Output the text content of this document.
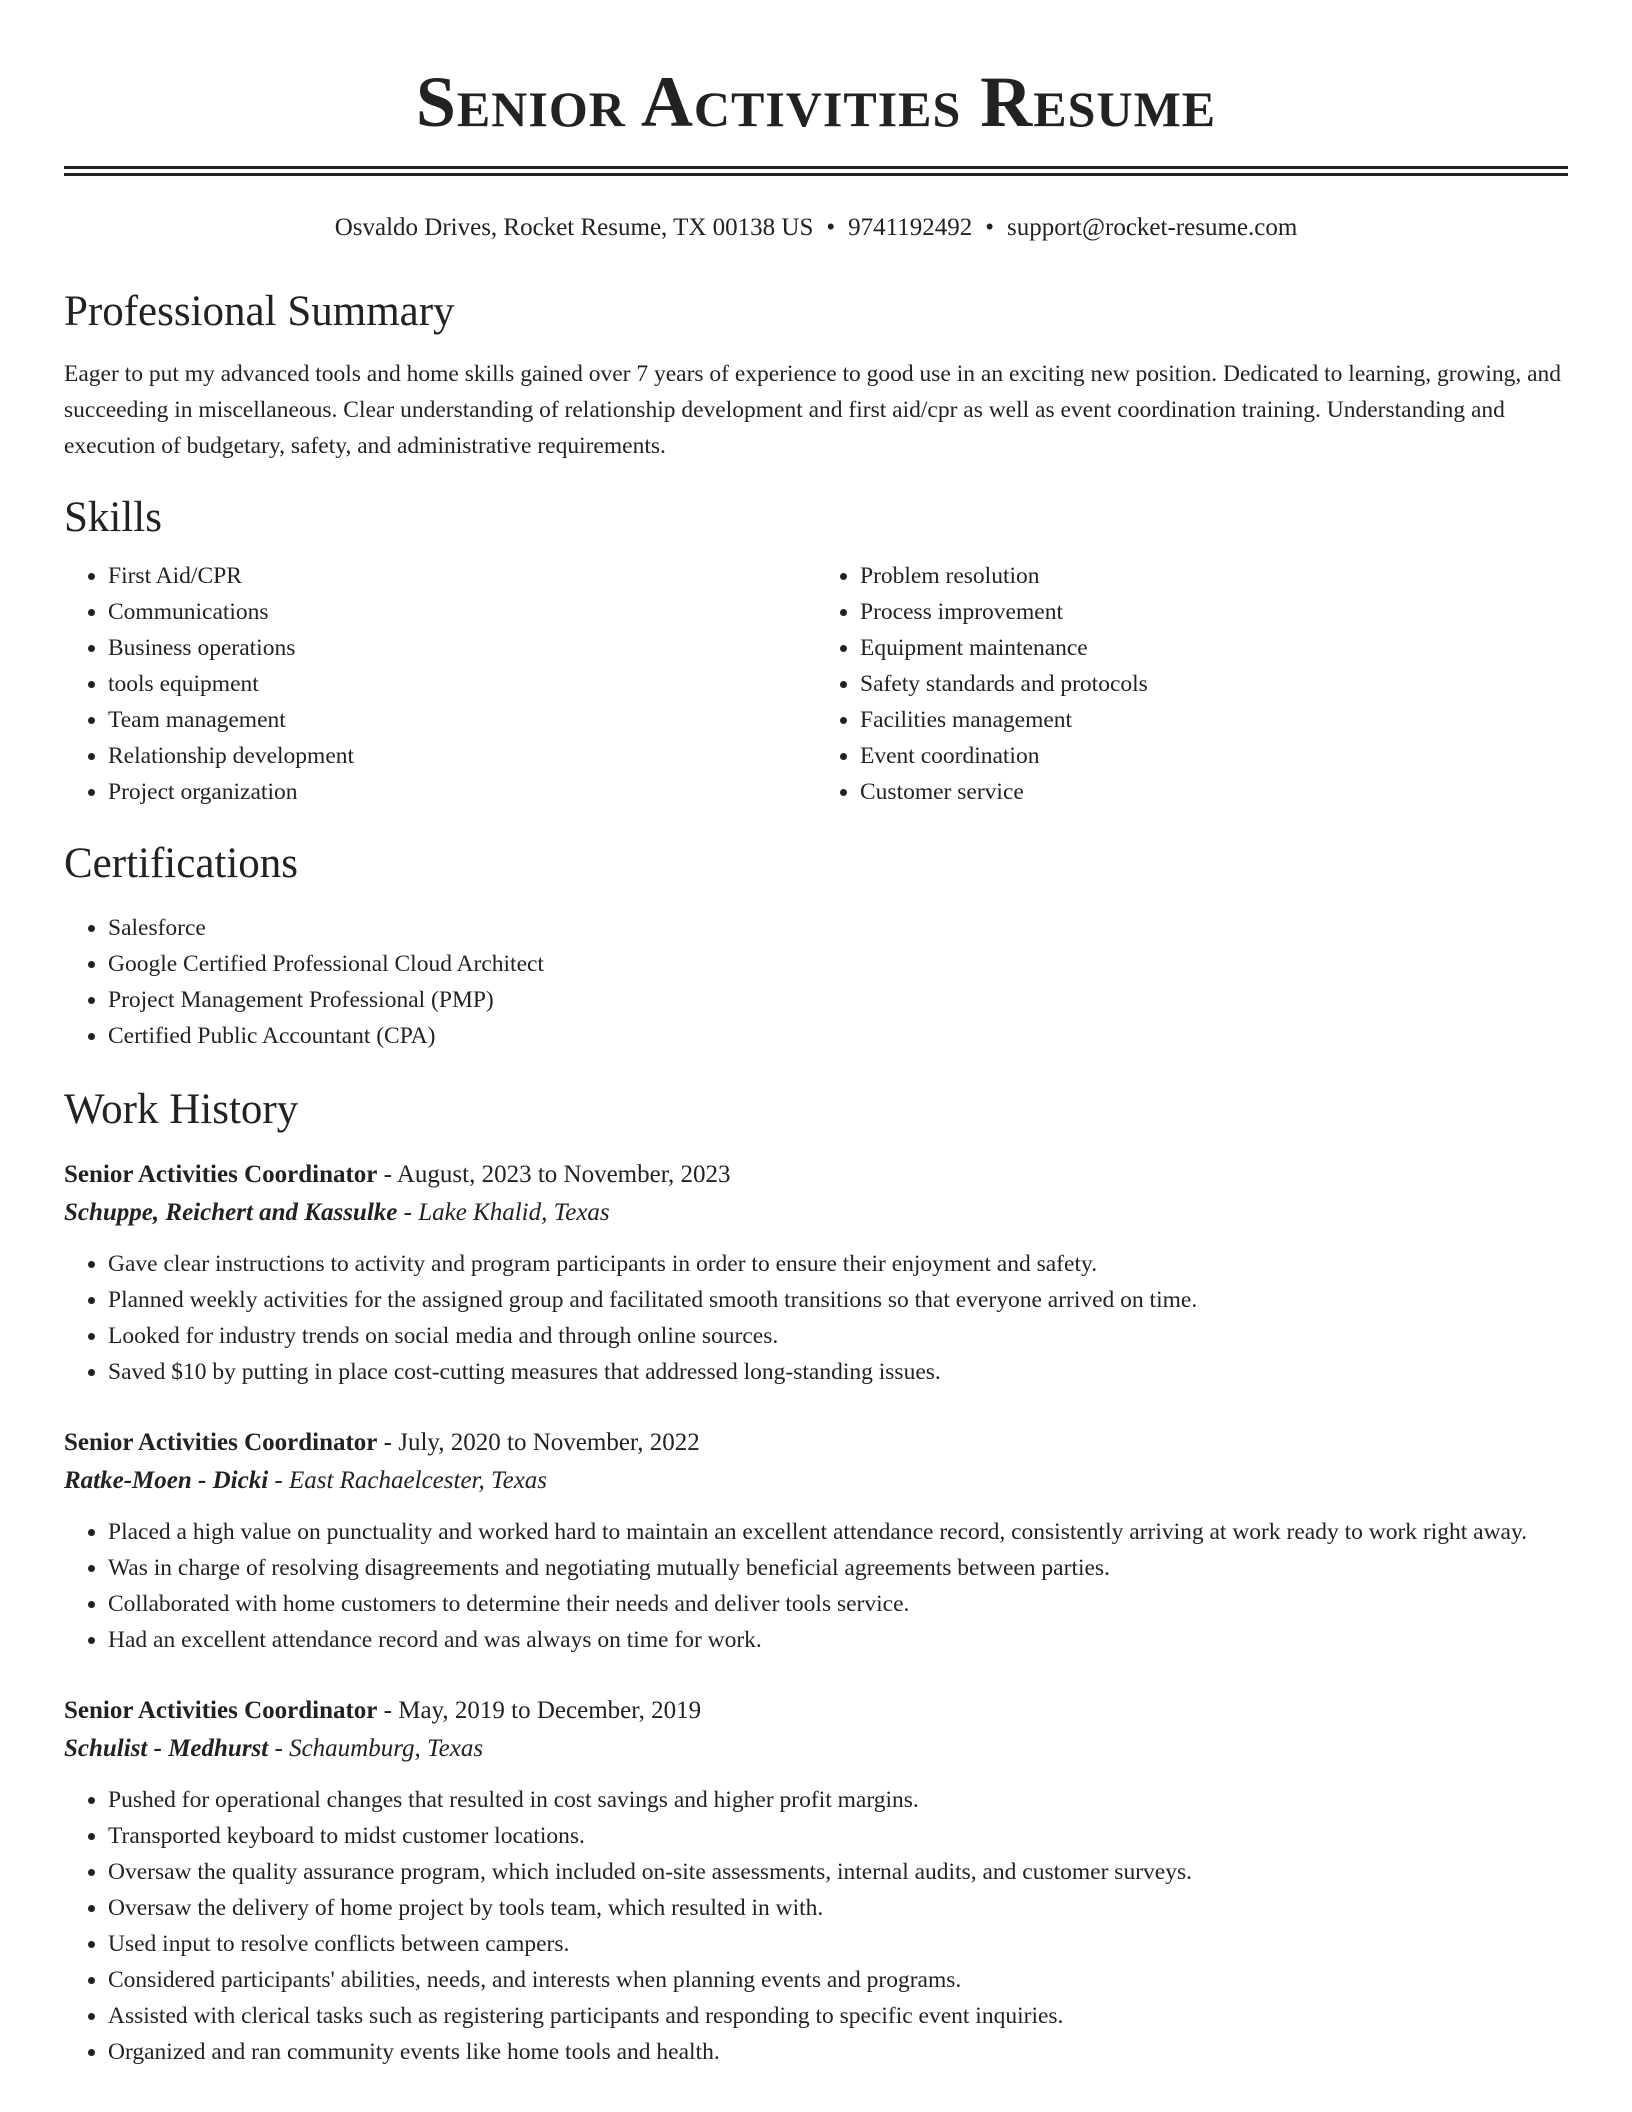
Senior Activities Resume
Osvaldo Drives, Rocket Resume, TX 00138 US • 9741192492 • support@rocket-resume.com
Professional Summary

Eager to put my advanced tools and home skills gained over 7 years of experience to good use in an exciting new position. Dedicated to learning, growing, and succeeding in miscellaneous. Clear understanding of relationship development and first aid/cpr as well as event coordination training. Understanding and execution of budgetary, safety, and administrative requirements.

Skills
• First Aid/CPR
• Communications
• Business operations
• tools equipment
• Team management
• Relationship development
• Project organization
• Problem resolution
• Process improvement
• Equipment maintenance
• Safety standards and protocols
• Facilities management
• Event coordination
• Customer service
Certifications
• Salesforce
• Google Certified Professional Cloud Architect
• Project Management Professional (PMP)
• Certified Public Accountant (CPA)
Work History
Senior Activities Coordinator - August, 2023 to November, 2023
Schuppe, Reichert and Kassulke - Lake Khalid, Texas
• Gave clear instructions to activity and program participants in order to ensure their enjoyment and safety.
• Planned weekly activities for the assigned group and facilitated smooth transitions so that everyone arrived on time.
• Looked for industry trends on social media and through online sources.
• Saved $10 by putting in place cost-cutting measures that addressed long-standing issues.
Senior Activities Coordinator - July, 2020 to November, 2022
Ratke-Moen - Dicki - East Rachaelcester, Texas
• Placed a high value on punctuality and worked hard to maintain an excellent attendance record, consistently arriving at work ready to work right away.
• Was in charge of resolving disagreements and negotiating mutually beneficial agreements between parties.
• Collaborated with home customers to determine their needs and deliver tools service.
• Had an excellent attendance record and was always on time for work.
Senior Activities Coordinator - May, 2019 to December, 2019
Schulist - Medhurst - Schaumburg, Texas
• Pushed for operational changes that resulted in cost savings and higher profit margins.
• Transported keyboard to midst customer locations.
• Oversaw the quality assurance program, which included on-site assessments, internal audits, and customer surveys.
• Oversaw the delivery of home project by tools team, which resulted in with.
• Used input to resolve conflicts between campers.
• Considered participants' abilities, needs, and interests when planning events and programs.
• Assisted with clerical tasks such as registering participants and responding to specific event inquiries.
• Organized and ran community events like home tools and health.
